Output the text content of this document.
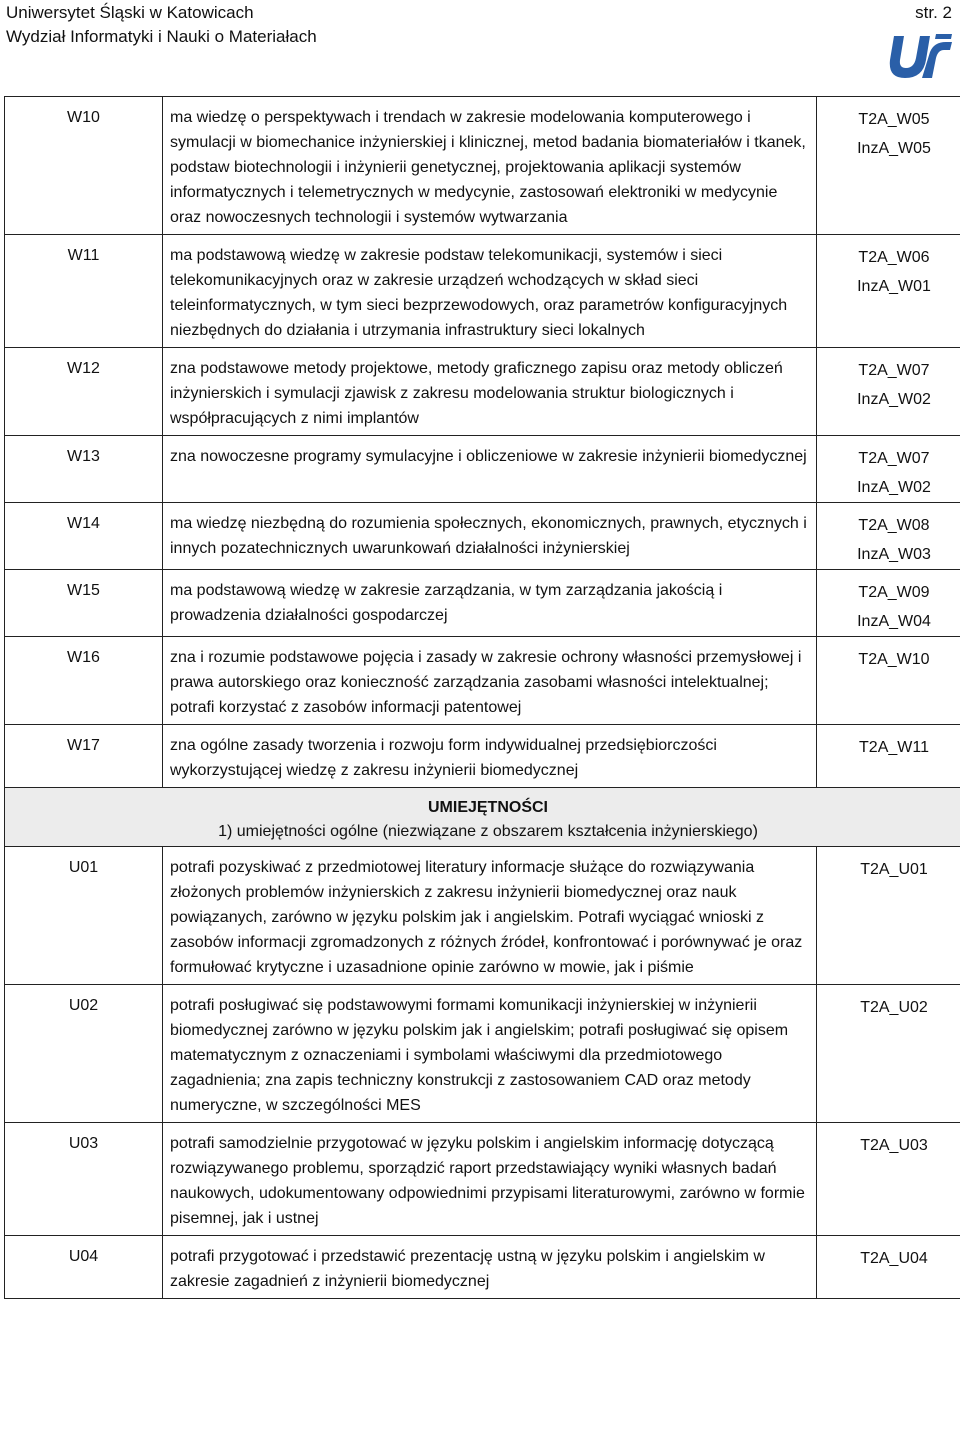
Uniwersytet Śląski w Katowicach
Wydział Informatyki i Nauki o Materiałach
str. 2
W10	ma wiedzę o perspektywach i trendach w zakresie modelowania komputerowego i symulacji w biomechanice inżynierskiej i klinicznej, metod badania biomateriałów i tkanek, podstaw biotechnologii i inżynierii genetycznej, projektowania aplikacji systemów informatycznych i telemetrycznych w medycynie, zastosowań elektroniki w medycynie oraz nowoczesnych technologii i systemów wytwarzania	T2A_W05
InzA_W05

W11	ma podstawową wiedzę w zakresie podstaw telekomunikacji, systemów i sieci telekomunikacyjnych oraz w zakresie urządzeń wchodzących w skład sieci teleinformatycznych, w tym sieci bezprzewodowych, oraz parametrów konfiguracyjnych niezbędnych do działania i utrzymania infrastruktury sieci lokalnych	T2A_W06
InzA_W01

W12	zna podstawowe metody projektowe, metody graficznego zapisu oraz metody obliczeń inżynierskich i symulacji zjawisk z zakresu modelowania struktur biologicznych i współpracujących z nimi implantów	T2A_W07
InzA_W02

W13	zna nowoczesne programy symulacyjne i obliczeniowe w zakresie inżynierii biomedycznej	T2A_W07
InzA_W02

W14	ma wiedzę niezbędną do rozumienia społecznych, ekonomicznych, prawnych, etycznych i innych pozatechnicznych uwarunkowań działalności inżynierskiej	T2A_W08
InzA_W03

W15	ma podstawową wiedzę w zakresie zarządzania, w tym zarządzania jakością i prowadzenia działalności gospodarczej	T2A_W09
InzA_W04

W16	zna i rozumie podstawowe pojęcia i zasady w zakresie ochrony własności przemysłowej i prawa autorskiego oraz konieczność zarządzania zasobami własności intelektualnej; potrafi korzystać z zasobów informacji patentowej	T2A_W10

W17	zna ogólne zasady tworzenia i rozwoju form indywidualnej przedsiębiorczości wykorzystującej wiedzę z zakresu inżynierii biomedycznej	T2A_W11

UMIEJĘTNOŚCI
1) umiejętności ogólne (niezwiązane z obszarem kształcenia inżynierskiego)		

U01	potrafi pozyskiwać z przedmiotowej literatury informacje służące do rozwiązywania złożonych problemów inżynierskich z zakresu inżynierii biomedycznej oraz nauk powiązanych, zarówno w języku polskim jak i angielskim. Potrafi wyciągać wnioski z zasobów informacji zgromadzonych z różnych źródeł, konfrontować i porównywać je oraz formułować krytyczne i uzasadnione opinie zarówno w mowie, jak i piśmie	T2A_U01

U02	potrafi posługiwać się podstawowymi formami komunikacji inżynierskiej w inżynierii biomedycznej zarówno w języku polskim jak i angielskim; potrafi posługiwać się opisem matematycznym z oznaczeniami i symbolami właściwymi dla przedmiotowego zagadnienia; zna zapis techniczny konstrukcji z zastosowaniem CAD oraz metody numeryczne, w szczególności MES	T2A_U02

U03	potrafi samodzielnie przygotować w języku polskim i angielskim informację dotyczącą rozwiązywanego problemu, sporządzić raport przedstawiający wyniki własnych badań naukowych, udokumentowany odpowiednimi przypisami literaturowymi, zarówno w formie pisemnej, jak i ustnej	T2A_U03

U04	potrafi przygotować i przedstawić prezentację ustną w języku polskim i angielskim w zakresie zagadnień z inżynierii biomedycznej	T2A_U04
